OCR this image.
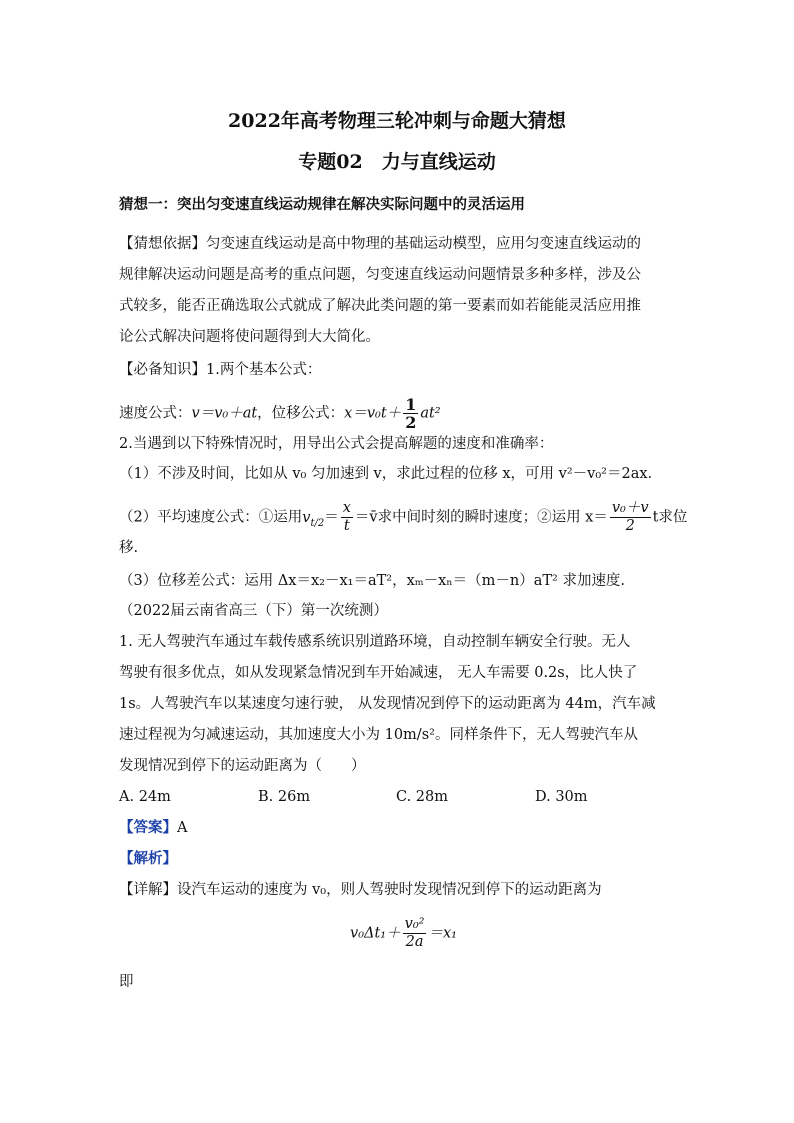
2022年高考物理三轮冲刺与命题大猜想
专题02　力与直线运动
猜想一：突出匀变速直线运动规律在解决实际问题中的灵活运用
【猜想依据】匀变速直线运动是高中物理的基础运动模型，应用匀变速直线运动的
规律解决运动问题是高考的重点问题，匀变速直线运动问题情景多种多样，涉及公
式较多，能否正确选取公式就成了解决此类问题的第一要素而如若能能灵活应用推
论公式解决问题将使问题得到大大简化。
【必备知识】1.两个基本公式：
速度公式：v＝v₀＋at，位移公式：$x=v_0t+ \frac{1}{2} at^2$
2.当遇到以下特殊情况时，用导出公式会提高解题的速度和准确率：
（1）不涉及时间，比如从 v₀ 匀加速到 v，求此过程的位移 x，可用 v²－v₀²＝2ax.
（2）平均速度公式：①运用$v_{t/2}= \frac{x}{t}$ ＝v̄求中间时刻的瞬时速度；②运用 $x= \frac{\text{v₀＋v}}{2}$ t求位
移.
（3）位移差公式：运用 Δx＝x₂－x₁＝aT²，xₘ－xₙ＝（m－n）aT² 求加速度.
（2022届云南省高三（下）第一次统测）
1. 无人驾驶汽车通过车载传感系统识别道路环境，自动控制车辆安全行驶。无人
驾驶有很多优点，如从发现紧急情况到车开始减速， 无人车需要 0.2s，比人快了
1s。人驾驶汽车以某速度匀速行驶， 从发现情况到停下的运动距离为 44m，汽车减
速过程视为匀减速运动，其加速度大小为 10m/s²。同样条件下，无人驾驶汽车从
发现情况到停下的运动距离为（　　）
A. 24m	B. 26m	C. 28m	D. 30m
【答案】A
【解析】
【详解】设汽车运动的速度为 v₀，则人驾驶时发现情况到停下的运动距离为
$v_0\Delta t_1+ \frac{\text{v₀²}}{2a} =x_1$
即
